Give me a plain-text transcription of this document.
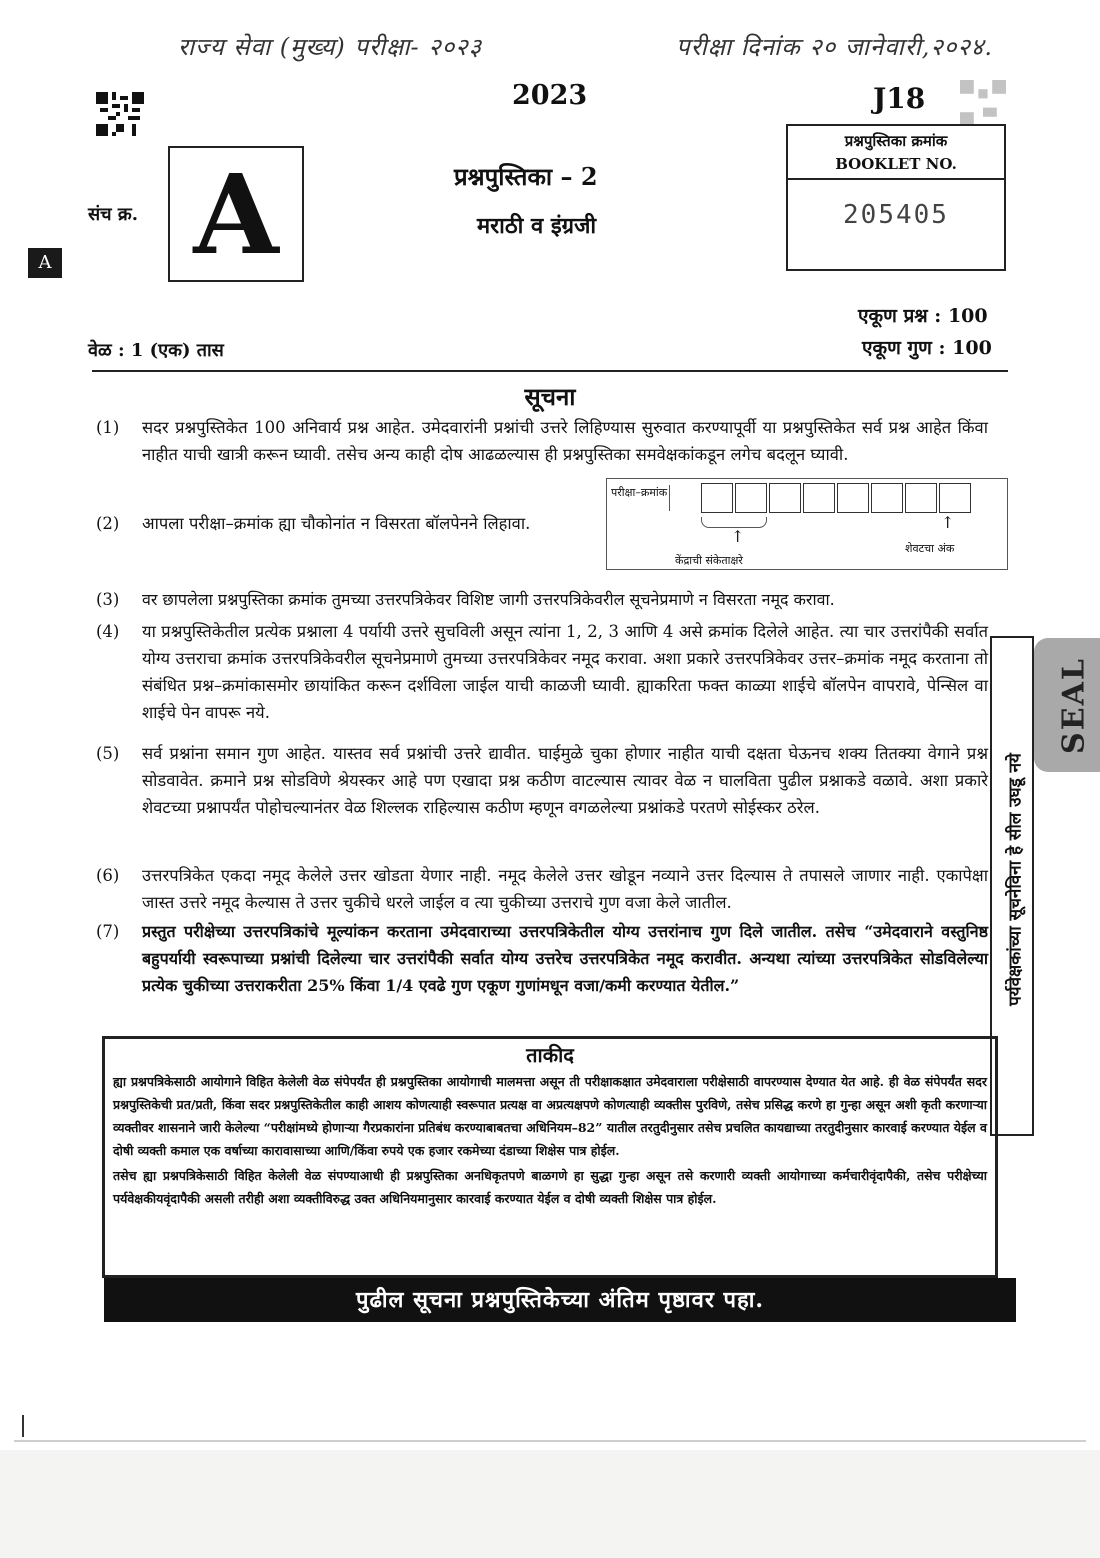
राज्य सेवा (मुख्य) परीक्षा- २०२३	परीक्षा दिनांक २० जानेवारी,२०२४.
2023	J18
प्रश्नपुस्तिका क्रमांक
BOOKLET NO.
205405
संच क्र. A
A
प्रश्नपुस्तिका – 2
मराठी व इंग्रजी
एकूण प्रश्न : 100
एकूण गुण : 100
वेळ : 1 (एक) तास
सूचना
(1)	सदर प्रश्नपुस्तिकेत 100 अनिवार्य प्रश्न आहेत. उमेदवारांनी प्रश्नांची उत्तरे लिहिण्यास सुरुवात करण्यापूर्वी या प्रश्नपुस्तिकेत सर्व प्रश्न आहेत किंवा नाहीत याची खात्री करून घ्यावी. तसेच अन्य काही दोष आढळल्यास ही प्रश्नपुस्तिका समवेक्षकांकडून लगेच बदलून घ्यावी.
(2)	आपला परीक्षा–क्रमांक ह्या चौकोनांत न विसरता बॉलपेनने लिहावा.
परीक्षा–क्रमांक
↑
↑
केंद्राची संकेताक्षरे
शेवटचा अंक
(3)	वर छापलेला प्रश्नपुस्तिका क्रमांक तुमच्या उत्तरपत्रिकेवर विशिष्ट जागी उत्तरपत्रिकेवरील सूचनेप्रमाणे न विसरता नमूद करावा.
(4)	या प्रश्नपुस्तिकेतील प्रत्येक प्रश्नाला 4 पर्यायी उत्तरे सुचविली असून त्यांना 1, 2, 3 आणि 4 असे क्रमांक दिलेले आहेत. त्या चार उत्तरांपैकी सर्वात योग्य उत्तराचा क्रमांक उत्तरपत्रिकेवरील सूचनेप्रमाणे तुमच्या उत्तरपत्रिकेवर नमूद करावा. अशा प्रकारे उत्तरपत्रिकेवर उत्तर–क्रमांक नमूद करताना तो संबंधित प्रश्न–क्रमांकासमोर छायांकित करून दर्शविला जाईल याची काळजी घ्यावी. ह्याकरिता फक्त काळ्या शाईचे बॉलपेन वापरावे, पेन्सिल वा शाईचे पेन वापरू नये.
(5)	सर्व प्रश्नांना समान गुण आहेत. यास्तव सर्व प्रश्नांची उत्तरे द्यावीत. घाईमुळे चुका होणार नाहीत याची दक्षता घेऊनच शक्य तितक्या वेगाने प्रश्न सोडवावेत. क्रमाने प्रश्न सोडविणे श्रेयस्कर आहे पण एखादा प्रश्न कठीण वाटल्यास त्यावर वेळ न घालविता पुढील प्रश्नाकडे वळावे. अशा प्रकारे शेवटच्या प्रश्नापर्यंत पोहोचल्यानंतर वेळ शिल्लक राहिल्यास कठीण म्हणून वगळलेल्या प्रश्नांकडे परतणे सोईस्कर ठरेल.
(6)	उत्तरपत्रिकेत एकदा नमूद केलेले उत्तर खोडता येणार नाही. नमूद केलेले उत्तर खोडून नव्याने उत्तर दिल्यास ते तपासले जाणार नाही. एकापेक्षा जास्त उत्तरे नमूद केल्यास ते उत्तर चुकीचे धरले जाईल व त्या चुकीच्या उत्तराचे गुण वजा केले जातील.
(7)	प्रस्तुत परीक्षेच्या उत्तरपत्रिकांचे मूल्यांकन करताना उमेदवाराच्या उत्तरपत्रिकेतील योग्य उत्तरांनाच गुण दिले जातील. तसेच “उमेदवाराने वस्तुनिष्ठ बहुपर्यायी स्वरूपाच्या प्रश्नांची दिलेल्या चार उत्तरांपैकी सर्वात योग्य उत्तरेच उत्तरपत्रिकेत नमूद करावीत. अन्यथा त्यांच्या उत्तरपत्रिकेत सोडविलेल्या प्रत्येक चुकीच्या उत्तराकरीता 25% किंवा 1/4 एवढे गुण एकूण गुणांमधून वजा/कमी करण्यात येतील.”	पर्यवेक्षकांच्या सूचनेविना हे सील उघडू नये
SEAL
ताकीद

ह्या प्रश्नपत्रिकेसाठी आयोगाने विहित केलेली वेळ संपेपर्यंत ही प्रश्नपुस्तिका आयोगाची मालमत्ता असून ती परीक्षाकक्षात उमेदवाराला परीक्षेसाठी वापरण्यास देण्यात येत आहे. ही वेळ संपेपर्यंत सदर प्रश्नपुस्तिकेची प्रत/प्रती, किंवा सदर प्रश्नपुस्तिकेतील काही आशय कोणत्याही स्वरूपात प्रत्यक्ष वा अप्रत्यक्षपणे कोणत्याही व्यक्तीस पुरविणे, तसेच प्रसिद्ध करणे हा गुन्हा असून अशी कृती करणाऱ्या व्यक्तीवर शासनाने जारी केलेल्या “परीक्षांमध्ये होणाऱ्या गैरप्रकारांना प्रतिबंध करण्याबाबतचा अधिनियम–82” यातील तरतुदीनुसार तसेच प्रचलित कायद्याच्या तरतुदीनुसार कारवाई करण्यात येईल व दोषी व्यक्ती कमाल एक वर्षाच्या कारावासाच्या आणि/किंवा रुपये एक हजार रकमेच्या दंडाच्या शिक्षेस पात्र होईल.

तसेच ह्या प्रश्नपत्रिकेसाठी विहित केलेली वेळ संपण्याआधी ही प्रश्नपुस्तिका अनधिकृतपणे बाळगणे हा सुद्धा गुन्हा असून तसे करणारी व्यक्ती आयोगाच्या कर्मचारीवृंदापैकी, तसेच परीक्षेच्या पर्यवेक्षकीयवृंदापैकी असली तरीही अशा व्यक्तीविरुद्ध उक्त अधिनियमानुसार कारवाई करण्यात येईल व दोषी व्यक्ती शिक्षेस पात्र होईल.

पुढील सूचना प्रश्नपुस्तिकेच्या अंतिम पृष्ठावर पहा.
